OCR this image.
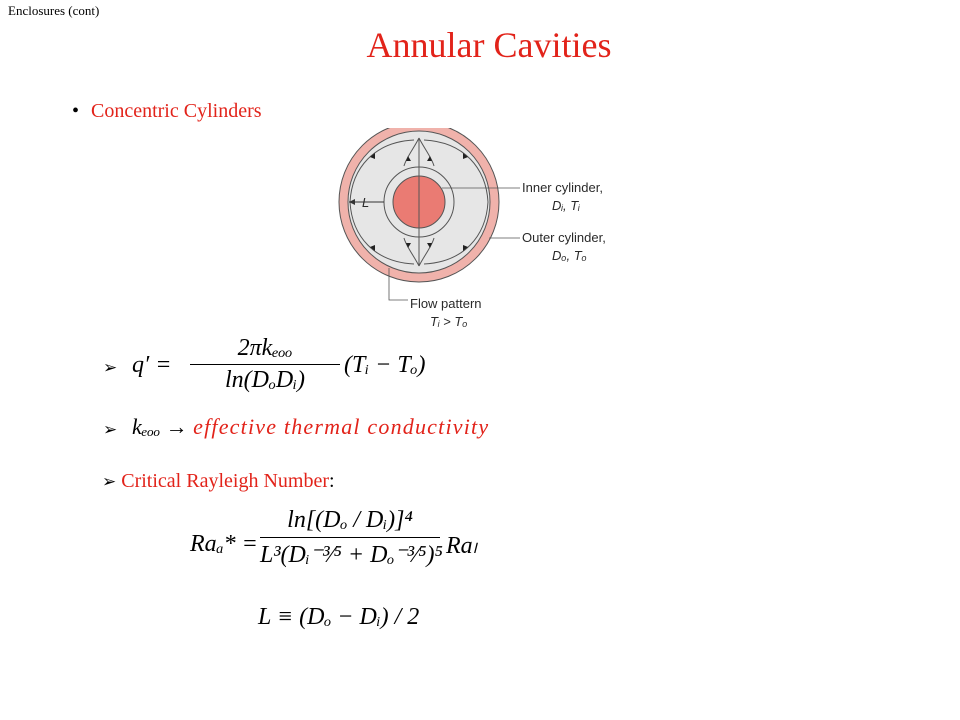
Enclosures (cont)
Annular Cavities
• Concentric Cylinders
L
Inner cylinder,
Dᵢ, Tᵢ
Outer cylinder,
Dₒ, Tₒ
Flow pattern
Tᵢ > Tₒ
➢ q′ =
2πkₑₒₒ
ln(DₒDᵢ)
(Tᵢ − Tₒ)
➢ kₑₒₒ → effective thermal conductivity
➢ Critical Rayleigh Number:
Raₐ* =
ln[(Dₒ / Dᵢ)]⁴
L³(Dᵢ⁻³⁄⁵ + Dₒ⁻³⁄⁵)⁵ Raₗ
L ≡ (Dₒ − Dᵢ) / 2
